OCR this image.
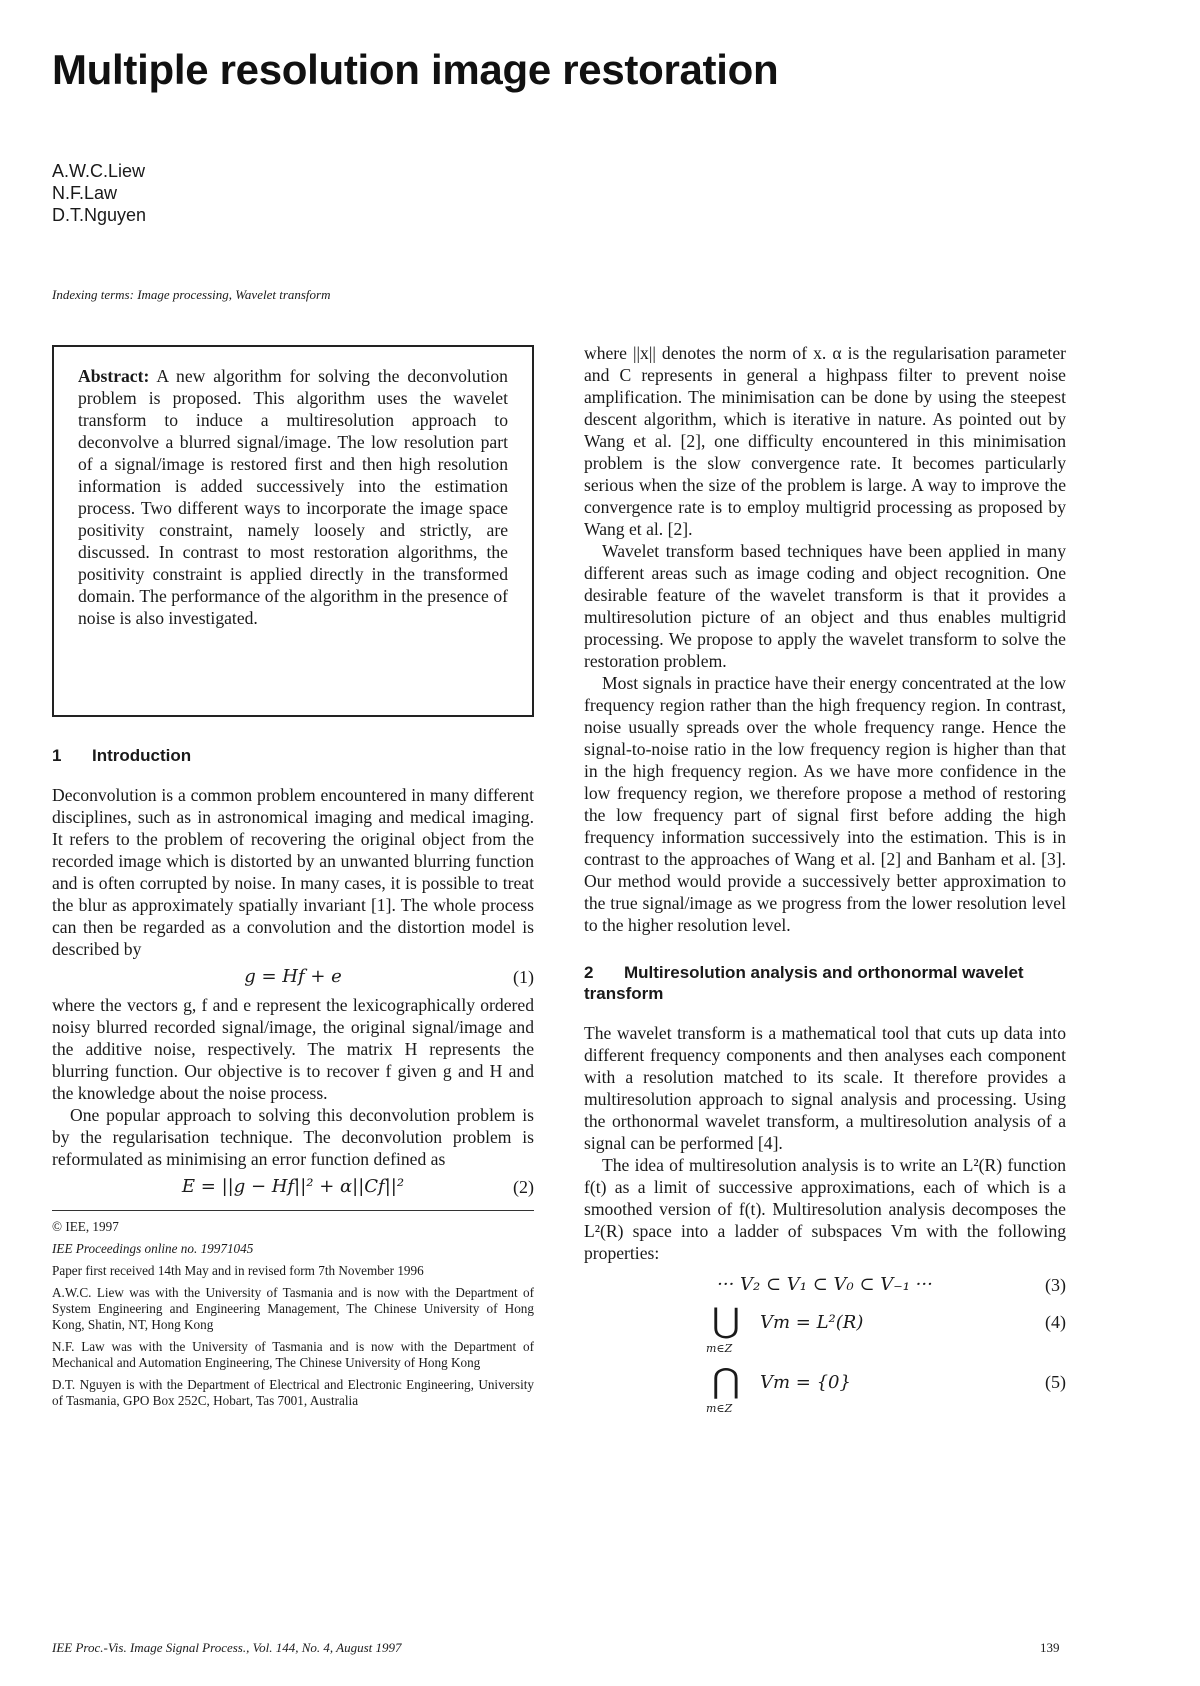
Multiple resolution image restoration
A.W.C.Liew
N.F.Law
D.T.Nguyen
Indexing terms: Image processing, Wavelet transform

Abstract: A new algorithm for solving the deconvolution problem is proposed. This algorithm uses the wavelet transform to induce a multiresolution approach to deconvolve a blurred signal/image. The low resolution part of a signal/image is restored first and then high resolution information is added successively into the estimation process. Two different ways to incorporate the image space positivity constraint, namely loosely and strictly, are discussed. In contrast to most restoration algorithms, the positivity constraint is applied directly in the transformed domain. The performance of the algorithm in the presence of noise is also investigated.

1 Introduction

Deconvolution is a common problem encountered in many different disciplines, such as in astronomical imaging and medical imaging. It refers to the problem of recovering the original object from the recorded image which is distorted by an unwanted blurring function and is often corrupted by noise. In many cases, it is possible to treat the blur as approximately spatially invariant [1]. The whole process can then be regarded as a convolution and the distortion model is described by

g = Hf + e	(1)

where the vectors g, f and e represent the lexicographically ordered noisy blurred recorded signal/image, the original signal/image and the additive noise, respectively. The matrix H represents the blurring function. Our objective is to recover f given g and H and the knowledge about the noise process.

One popular approach to solving this deconvolution problem is by the regularisation technique. The deconvolution problem is reformulated as minimising an error function defined as

E = ||g − Hf||² + α||Cf||²	(2)

© IEE, 1997

IEE Proceedings online no. 19971045

Paper first received 14th May and in revised form 7th November 1996

A.W.C. Liew was with the University of Tasmania and is now with the Department of System Engineering and Engineering Management, The Chinese University of Hong Kong, Shatin, NT, Hong Kong

N.F. Law was with the University of Tasmania and is now with the Department of Mechanical and Automation Engineering, The Chinese University of Hong Kong

D.T. Nguyen is with the Department of Electrical and Electronic Engineering, University of Tasmania, GPO Box 252C, Hobart, Tas 7001, Australia

where ||x|| denotes the norm of x. α is the regularisation parameter and C represents in general a highpass filter to prevent noise amplification. The minimisation can be done by using the steepest descent algorithm, which is iterative in nature. As pointed out by Wang et al. [2], one difficulty encountered in this minimisation problem is the slow convergence rate. It becomes particularly serious when the size of the problem is large. A way to improve the convergence rate is to employ multigrid processing as proposed by Wang et al. [2].

Wavelet transform based techniques have been applied in many different areas such as image coding and object recognition. One desirable feature of the wavelet transform is that it provides a multiresolution picture of an object and thus enables multigrid processing. We propose to apply the wavelet transform to solve the restoration problem.

Most signals in practice have their energy concentrated at the low frequency region rather than the high frequency region. In contrast, noise usually spreads over the whole frequency range. Hence the signal-to-noise ratio in the low frequency region is higher than that in the high frequency region. As we have more confidence in the low frequency region, we therefore propose a method of restoring the low frequency part of signal first before adding the high frequency information successively into the estimation. This is in contrast to the approaches of Wang et al. [2] and Banham et al. [3]. Our method would provide a successively better approximation to the true signal/image as we progress from the lower resolution level to the higher resolution level.

2 Multiresolution analysis and orthonormal wavelet transform

The wavelet transform is a mathematical tool that cuts up data into different frequency components and then analyses each component with a resolution matched to its scale. It therefore provides a multiresolution approach to signal analysis and processing. Using the orthonormal wavelet transform, a multiresolution analysis of a signal can be performed [4].

The idea of multiresolution analysis is to write an L²(R) function f(t) as a limit of successive approximations, each of which is a smoothed version of f(t). Multiresolution analysis decomposes the L²(R) space into a ladder of subspaces Vm with the following properties:

··· V₂ ⊂ V₁ ⊂ V₀ ⊂ V₋₁ ···	(3)
⋃
m∈Z
Vm = L²(R)	(4)
⋂
m∈Z
Vm = {0}	(5)
IEE Proc.-Vis. Image Signal Process., Vol. 144, No. 4, August 1997	139
